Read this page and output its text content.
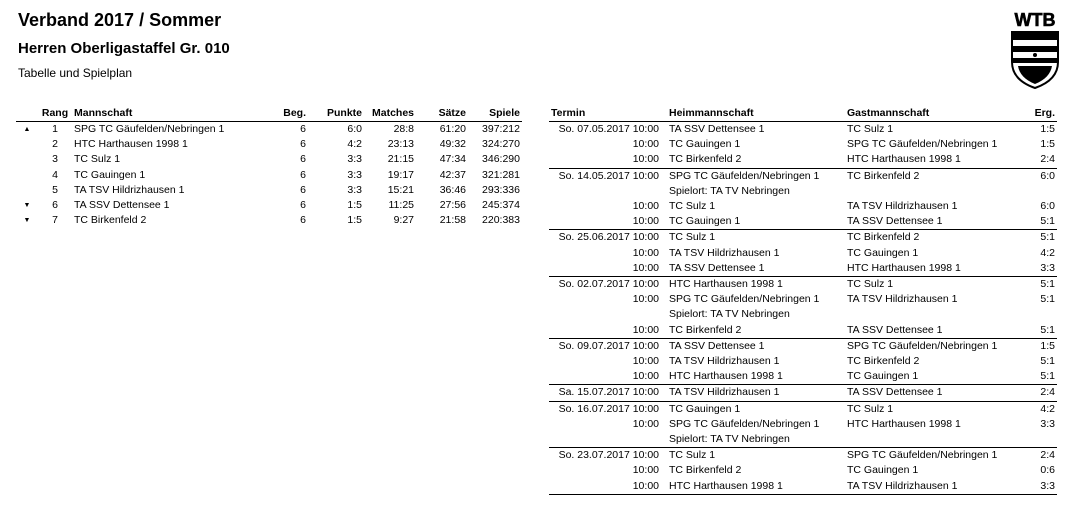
Verband 2017 / Sommer
Herren Oberligastaffel Gr. 010
Tabelle und Spielplan
WTB
	Rang	Mannschaft	Beg.	Punkte	Matches	Sätze	Spiele
▲	1	SPG TC Gäufelden/Nebringen 1	6	6:0	28:8	61:20	397:212
	2	HTC Harthausen 1998 1	6	4:2	23:13	49:32	324:270
	3	TC Sulz 1	6	3:3	21:15	47:34	346:290
	4	TC Gauingen 1	6	3:3	19:17	42:37	321:281
	5	TA TSV Hildrizhausen 1	6	3:3	15:21	36:46	293:336
▼	6	TA SSV Dettensee 1	6	1:5	11:25	27:56	245:374
▼	7	TC Birkenfeld 2	6	1:5	9:27	21:58	220:383
Termin	Heimmannschaft	Gastmannschaft	Erg.
So. 07.05.2017 10:00	TA SSV Dettensee 1	TC Sulz 1	1:5
10:00	TC Gauingen 1	SPG TC Gäufelden/Nebringen 1	1:5
10:00	TC Birkenfeld 2	HTC Harthausen 1998 1	2:4
So. 14.05.2017 10:00	SPG TC Gäufelden/Nebringen 1	TC Birkenfeld 2	6:0
	Spielort: TA TV Nebringen		
10:00	TC Sulz 1	TA TSV Hildrizhausen 1	6:0
10:00	TC Gauingen 1	TA SSV Dettensee 1	5:1
So. 25.06.2017 10:00	TC Sulz 1	TC Birkenfeld 2	5:1
10:00	TA TSV Hildrizhausen 1	TC Gauingen 1	4:2
10:00	TA SSV Dettensee 1	HTC Harthausen 1998 1	3:3
So. 02.07.2017 10:00	HTC Harthausen 1998 1	TC Sulz 1	5:1
10:00	SPG TC Gäufelden/Nebringen 1	TA TSV Hildrizhausen 1	5:1
	Spielort: TA TV Nebringen		
10:00	TC Birkenfeld 2	TA SSV Dettensee 1	5:1
So. 09.07.2017 10:00	TA SSV Dettensee 1	SPG TC Gäufelden/Nebringen 1	1:5
10:00	TA TSV Hildrizhausen 1	TC Birkenfeld 2	5:1
10:00	HTC Harthausen 1998 1	TC Gauingen 1	5:1
Sa. 15.07.2017 10:00	TA TSV Hildrizhausen 1	TA SSV Dettensee 1	2:4
So. 16.07.2017 10:00	TC Gauingen 1	TC Sulz 1	4:2
10:00	SPG TC Gäufelden/Nebringen 1	HTC Harthausen 1998 1	3:3
	Spielort: TA TV Nebringen		
So. 23.07.2017 10:00	TC Sulz 1	SPG TC Gäufelden/Nebringen 1	2:4
10:00	TC Birkenfeld 2	TC Gauingen 1	0:6
10:00	HTC Harthausen 1998 1	TA TSV Hildrizhausen 1	3:3
